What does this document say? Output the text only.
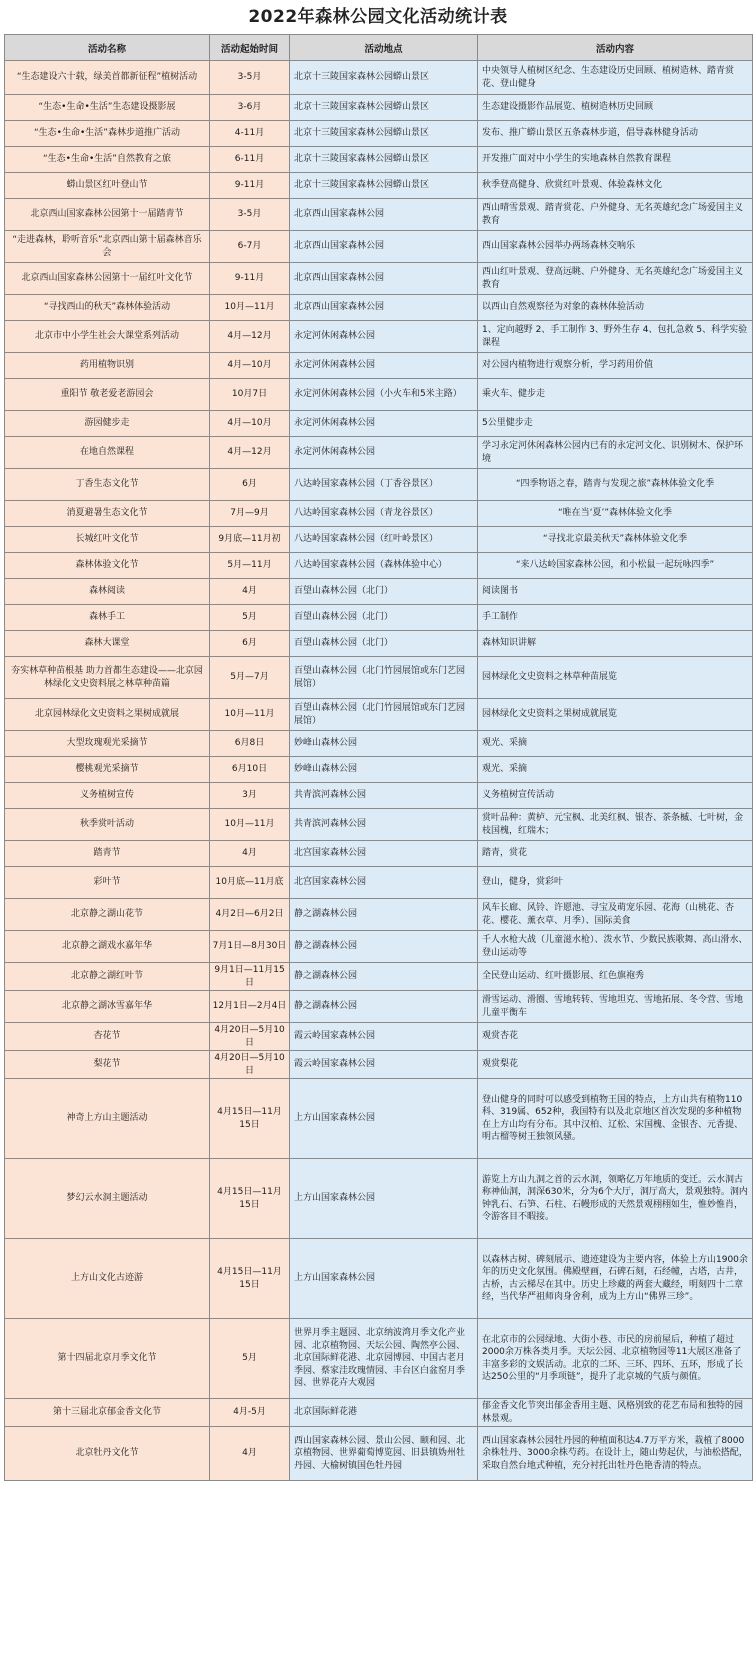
2022年森林公园文化活动统计表
活动名称	活动起始时间	活动地点	活动内容
“生态建设六十载，绿美首都新征程”植树活动	3-5月	北京十三陵国家森林公园蟒山景区	中央领导人植树区纪念、生态建设历史回顾、植树造林、踏青赏花、登山健身
“生态•生命•生活”生态建设摄影展	3-6月	北京十三陵国家森林公园蟒山景区	生态建设摄影作品展览、植树造林历史回顾
“生态•生命•生活”森林步道推广活动	4-11月	北京十三陵国家森林公园蟒山景区	发布、推广蟒山景区五条森林步道，倡导森林健身活动
“生态•生命•生活”自然教育之旅	6-11月	北京十三陵国家森林公园蟒山景区	开发推广面对中小学生的实地森林自然教育课程
蟒山景区红叶登山节	9-11月	北京十三陵国家森林公园蟒山景区	秋季登高健身、欣赏红叶景观、体验森林文化
北京西山国家森林公园第十一届踏青节	3-5月	北京西山国家森林公园	西山晴雪景观、踏青赏花、户外健身、无名英雄纪念广场爱国主义教育
“走进森林，聆听音乐”北京西山第十届森林音乐会	6-7月	北京西山国家森林公园	西山国家森林公园举办两场森林交响乐
北京西山国家森林公园第十一届红叶文化节	9-11月	北京西山国家森林公园	西山红叶景观、登高远眺、户外健身、无名英雄纪念广场爱国主义教育
“寻找西山的秋天”森林体验活动	10月—11月	北京西山国家森林公园	以西山自然观察径为对象的森林体验活动
北京市中小学生社会大课堂系列活动	4月—12月	永定河休闲森林公园	1、定向越野 2、手工制作 3、野外生存 4、包扎急救 5、科学实验课程
药用植物识别	4月—10月	永定河休闲森林公园	对公园内植物进行观察分析，学习药用价值
重阳节 敬老爱老游园会	10月7日	永定河休闲森林公园（小火车和5米主路）	乘火车、健步走
游园健步走	4月—10月	永定河休闲森林公园	5公里健步走
在地自然课程	4月—12月	永定河休闲森林公园	学习永定河休闲森林公园内已有的永定河文化、识别树木、保护环境
丁香生态文化节	6月	八达岭国家森林公园（丁香谷景区）	“四季物语之春，踏青与发现之旅”森林体验文化季
消夏避暑生态文化节	7月—9月	八达岭国家森林公园（青龙谷景区）	“唯在当‘夏’”森林体验文化季
长城红叶文化节	9月底—11月初	八达岭国家森林公园（红叶岭景区）	“寻找北京最美秋天”森林体验文化季
森林体验文化节	5月—11月	八达岭国家森林公园（森林体验中心）	“来八达岭国家森林公园，和小松鼠一起玩咏四季”
森林阅读	4月	百望山森林公园（北门）	阅读图书
森林手工	5月	百望山森林公园（北门）	手工制作
森林大课堂	6月	百望山森林公园（北门）	森林知识讲解
夯实林草种苗根基 助力首都生态建设——北京园林绿化文史资料展之林草种苗篇	5月—7月	百望山森林公园（北门竹园展馆或东门艺园展馆）	园林绿化文史资料之林草种苗展览
北京园林绿化文史资料之果树成就展	10月—11月	百望山森林公园（北门竹园展馆或东门艺园展馆）	园林绿化文史资料之果树成就展览
大型玫瑰观光采摘节	6月8日	妙峰山森林公园	观光、采摘
樱桃观光采摘节	6月10日	妙峰山森林公园	观光、采摘
义务植树宣传	3月	共青滨河森林公园	义务植树宣传活动
秋季赏叶活动	10月—11月	共青滨河森林公园	赏叶品种：黄栌、元宝枫、北美红枫、银杏、茶条槭、七叶树，金枝国槐，红瑞木；
踏青节	4月	北宫国家森林公园	踏青，赏花
彩叶节	10月底—11月底	北宫国家森林公园	登山，健身，赏彩叶
北京静之湖山花节	4月2日—6月2日	静之湖森林公园	风车长廊、风铃、许愿池、寻宝及萌宠乐园、花海（山桃花、杏花、樱花、薰衣草、月季）、国际美食
北京静之湖戏水嘉年华	7月1日—8月30日	静之湖森林公园	千人水枪大战（儿童滋水枪）、泼水节、少数民族歌舞、高山滑水、登山运动等
北京静之湖红叶节	9月1日—11月15日	静之湖森林公园	全民登山运动、红叶摄影展、红色旗袍秀
北京静之湖冰雪嘉年华	12月1日—2月4日	静之湖森林公园	滑雪运动、滑圈、雪地转转、雪地坦克、雪地拓展、冬令营、雪地儿童平衡车
杏花节	4月20日—5月10日	霞云岭国家森林公园	观赏杏花
梨花节	4月20日—5月10日	霞云岭国家森林公园	观赏梨花
神奇上方山主题活动	4月15日—11月15日	上方山国家森林公园	登山健身的同时可以感受到植物王国的特点，上方山共有植物110科、319属、652种，我国特有以及北京地区首次发现的多种植物在上方山均有分布。其中汉柏、辽松、宋国槐、金银杏、元香提、明古榴等树王独领风骚。
梦幻云水洞主题活动	4月15日—11月15日	上方山国家森林公园	游览上方山九洞之首的云水洞，领略亿万年地质的变迁。云水洞古称神仙洞，洞深630米，分为6个大厅，洞厅高大，景观独特。洞内钟乳石、石笋、石柱、石幔形成的天然景观栩栩如生，惟妙惟肖，令游客目不暇接。
上方山文化古迹游	4月15日—11月15日	上方山国家森林公园	以森林古树、碑刻展示、遗迹建设为主要内容，体验上方山1900余年的历史文化氛围。佛殿壁画，石碑石刻，石经幢，古塔，古井，古桥，古云梯尽在其中。历史上珍藏的两套大藏经，明刻四十二章经，当代华严祖师肉身舍利，成为上方山“佛界三珍”。
第十四届北京月季文化节	5月	世界月季主题园、北京纳波湾月季文化产业园、北京植物园、天坛公园、陶然亭公园、北京国际鲜花港、北京园博园、中国古老月季园、蔡家洼玫瑰情园、丰台区白盆窑月季园、世界花卉大观园	在北京市的公园绿地、大街小巷、市民的房前屋后，种植了超过2000余万株各类月季。天坛公园、北京植物园等11大展区准备了丰富多彩的文娱活动。北京的二环、三环、四环、五环，形成了长达250公里的“月季项链”，提升了北京城的气质与颜值。
第十三届北京郁金香文化节	4月-5月	北京国际鲜花港	郁金香文化节突出郁金香用主题、风格别致的花艺布局和独特的园林景观。
北京牡丹文化节	4月	西山国家森林公园、景山公园、颐和园、北京植物园、世界葡萄博览园、旧县镇妫州牡丹园、大榆树镇国色牡丹园	西山国家森林公园牡丹园的种植面积达4.7万平方米，栽植了8000余株牡丹、3000余株芍药。在设计上，随山势起伏，与油松搭配，采取自然台地式种植，充分衬托出牡丹色艳香清的特点。
